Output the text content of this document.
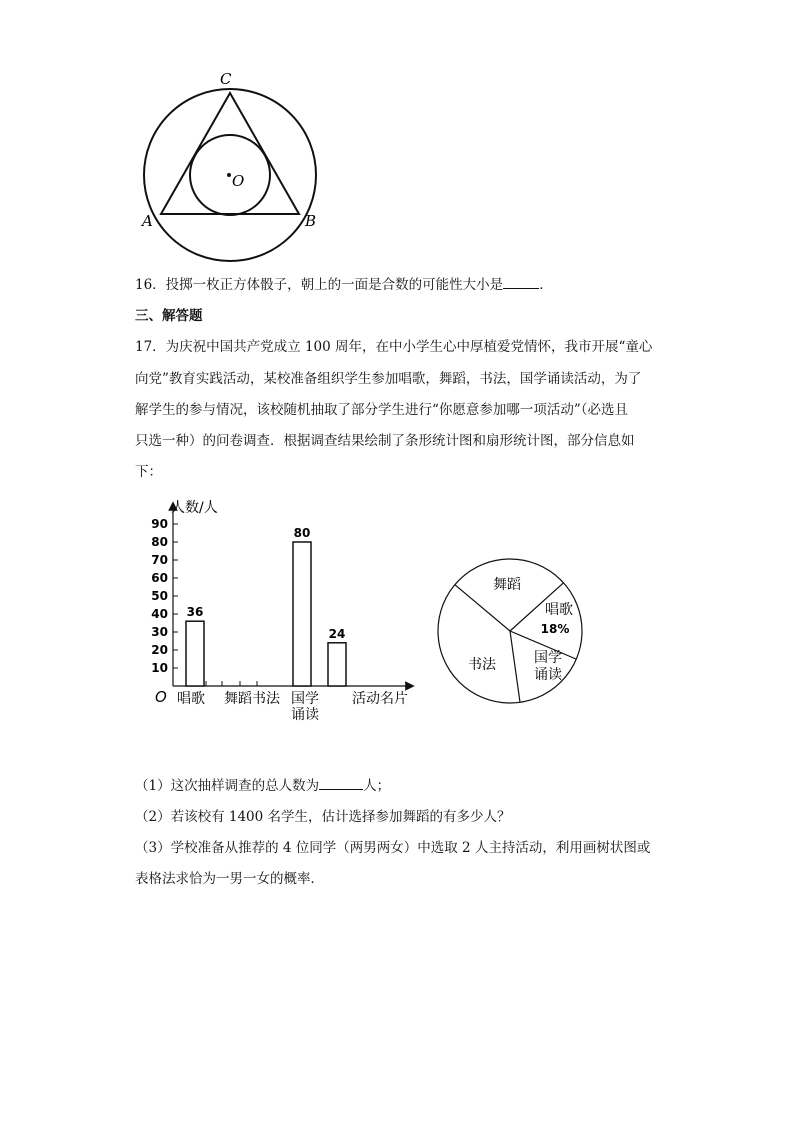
C
A	B
O
16．投掷一枚正方体骰子，朝上的一面是合数的可能性大小是	．
三、解答题
17．为庆祝中国共产党成立 100 周年，在中小学生心中厚植爱党情怀，我市开展“童心
向党”教育实践活动，某校准备组织学生参加唱歌，舞蹈，书法，国学诵读活动，为了
解学生的参与情况，该校随机抽取了部分学生进行“你愿意参加哪一项活动”（必选且
只选一种）的问卷调查．根据调查结果绘制了条形统计图和扇形统计图，部分信息如
下：
10
20
30
40
50
60
70
80
90
人数/人
O
36
80
24
唱歌 舞蹈 书法 国学
诵读
活动名片
舞蹈
唱歌
18%
国学
诵读
书法
（1）这次抽样调查的总人数为	人；
（2）若该校有 1400 名学生，估计选择参加舞蹈的有多少人？
（3）学校准备从推荐的 4 位同学（两男两女）中选取 2 人主持活动，利用画树状图或
表格法求恰为一男一女的概率．
